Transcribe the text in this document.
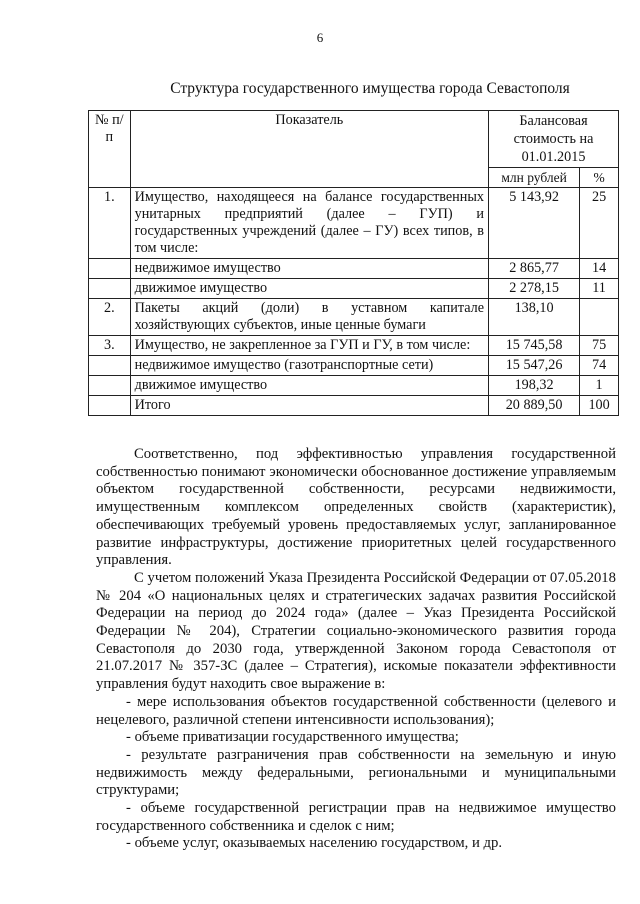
6
Структура государственного имущества города Севастополя
№ п/п	Показатель	Балансовая стоимость на 01.01.2015	
		млн рублей	%
1.	Имущество, находящееся на балансе государственных унитарных предприятий (далее – ГУП) и государственных учреждений (далее – ГУ) всех типов, в том числе:	5 143,92	25
	недвижимое имущество	2 865,77	14
	движимое имущество	2 278,15	11
2.	Пакеты акций (доли) в уставном капитале хозяйствующих субъектов, иные ценные бумаги	138,10	
3.	Имущество, не закрепленное за ГУП и ГУ, в том числе:	15 745,58	75
	недвижимое имущество (газотранспортные сети)	15 547,26	74
	движимое имущество	198,32	1
	Итого	20 889,50	100

Соответственно, под эффективностью управления государственной собственностью понимают экономически обоснованное достижение управляемым объектом государственной собственности, ресурсами недвижимости, имущественным комплексом определенных свойств (характеристик), обеспечивающих требуемый уровень предоставляемых услуг, запланированное развитие инфраструктуры, достижение приоритетных целей государственного управления.

С учетом положений Указа Президента Российской Федерации от 07.05.2018 № 204 «О национальных целях и стратегических задачах развития Российской Федерации на период до 2024 года» (далее – Указ Президента Российской Федерации № 204), Стратегии социально-экономического развития города Севастополя до 2030 года, утвержденной Законом города Севастополя от 21.07.2017 № 357-ЗС (далее – Стратегия), искомые показатели эффективности управления будут находить свое выражение в:

- мере использования объектов государственной собственности (целевого и нецелевого, различной степени интенсивности использования);

- объеме приватизации государственного имущества;

- результате разграничения прав собственности на земельную и иную недвижимость между федеральными, региональными и муниципальными структурами;

- объеме государственной регистрации прав на недвижимое имущество государственного собственника и сделок с ним;

- объеме услуг, оказываемых населению государством, и др.
